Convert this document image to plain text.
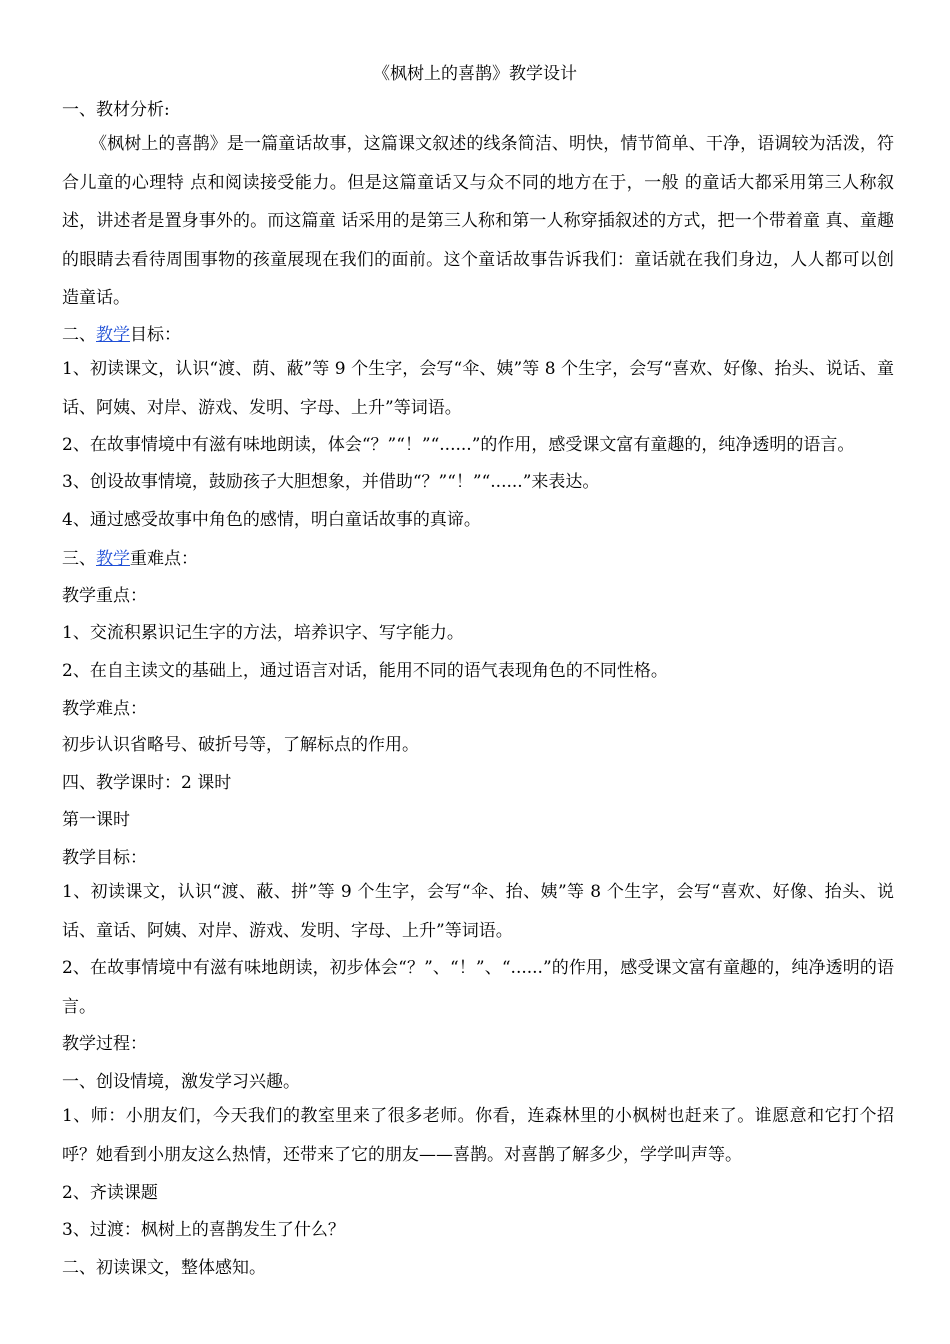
《枫树上的喜鹊》教学设计
一、教材分析:
《枫树上的喜鹊》是一篇童话故事，这篇课文叙述的线条简洁、明快，情节简单、干净，语调较为活泼，符合儿童的心理特 点和阅读接受能力。但是这篇童话又与众不同的地方在于，一般 的童话大都采用第三人称叙述，讲述者是置身事外的。而这篇童 话采用的是第三人称和第一人称穿插叙述的方式，把一个带着童 真、童趣的眼睛去看待周围事物的孩童展现在我们的面前。这个童话故事告诉我们：童话就在我们身边，人人都可以创造童话。
二、教学目标：
1、初读课文，认识“渡、荫、蔽”等 9 个生字，会写“伞、姨”等 8 个生字，会写“喜欢、好像、抬头、说话、童话、阿姨、对岸、游戏、发明、字母、上升”等词语。
2、在故事情境中有滋有味地朗读，体会“？”“！”“......”的作用，感受课文富有童趣的，纯净透明的语言。
3、创设故事情境，鼓励孩子大胆想象，并借助“？”“！”“......”来表达。
4、通过感受故事中角色的感情，明白童话故事的真谛。
三、教学重难点：
教学重点：
1、交流积累识记生字的方法，培养识字、写字能力。
2、在自主读文的基础上，通过语言对话，能用不同的语气表现角色的不同性格。
教学难点：
初步认识省略号、破折号等，了解标点的作用。
四、教学课时：2 课时
第一课时
教学目标：
1、初读课文，认识“渡、蔽、拼”等 9 个生字，会写“伞、抬、姨”等 8 个生字，会写“喜欢、好像、抬头、说话、童话、阿姨、对岸、游戏、发明、字母、上升”等词语。
2、在故事情境中有滋有味地朗读，初步体会“？”、“！”、“......”的作用，感受课文富有童趣的，纯净透明的语言。
教学过程：
一、创设情境，激发学习兴趣。
1、师：小朋友们，今天我们的教室里来了很多老师。你看，连森林里的小枫树也赶来了。谁愿意和它打个招呼？她看到小朋友这么热情，还带来了它的朋友——喜鹊。对喜鹊了解多少，学学叫声等。
2、齐读课题
3、过渡：枫树上的喜鹊发生了什么？
二、初读课文，整体感知。
